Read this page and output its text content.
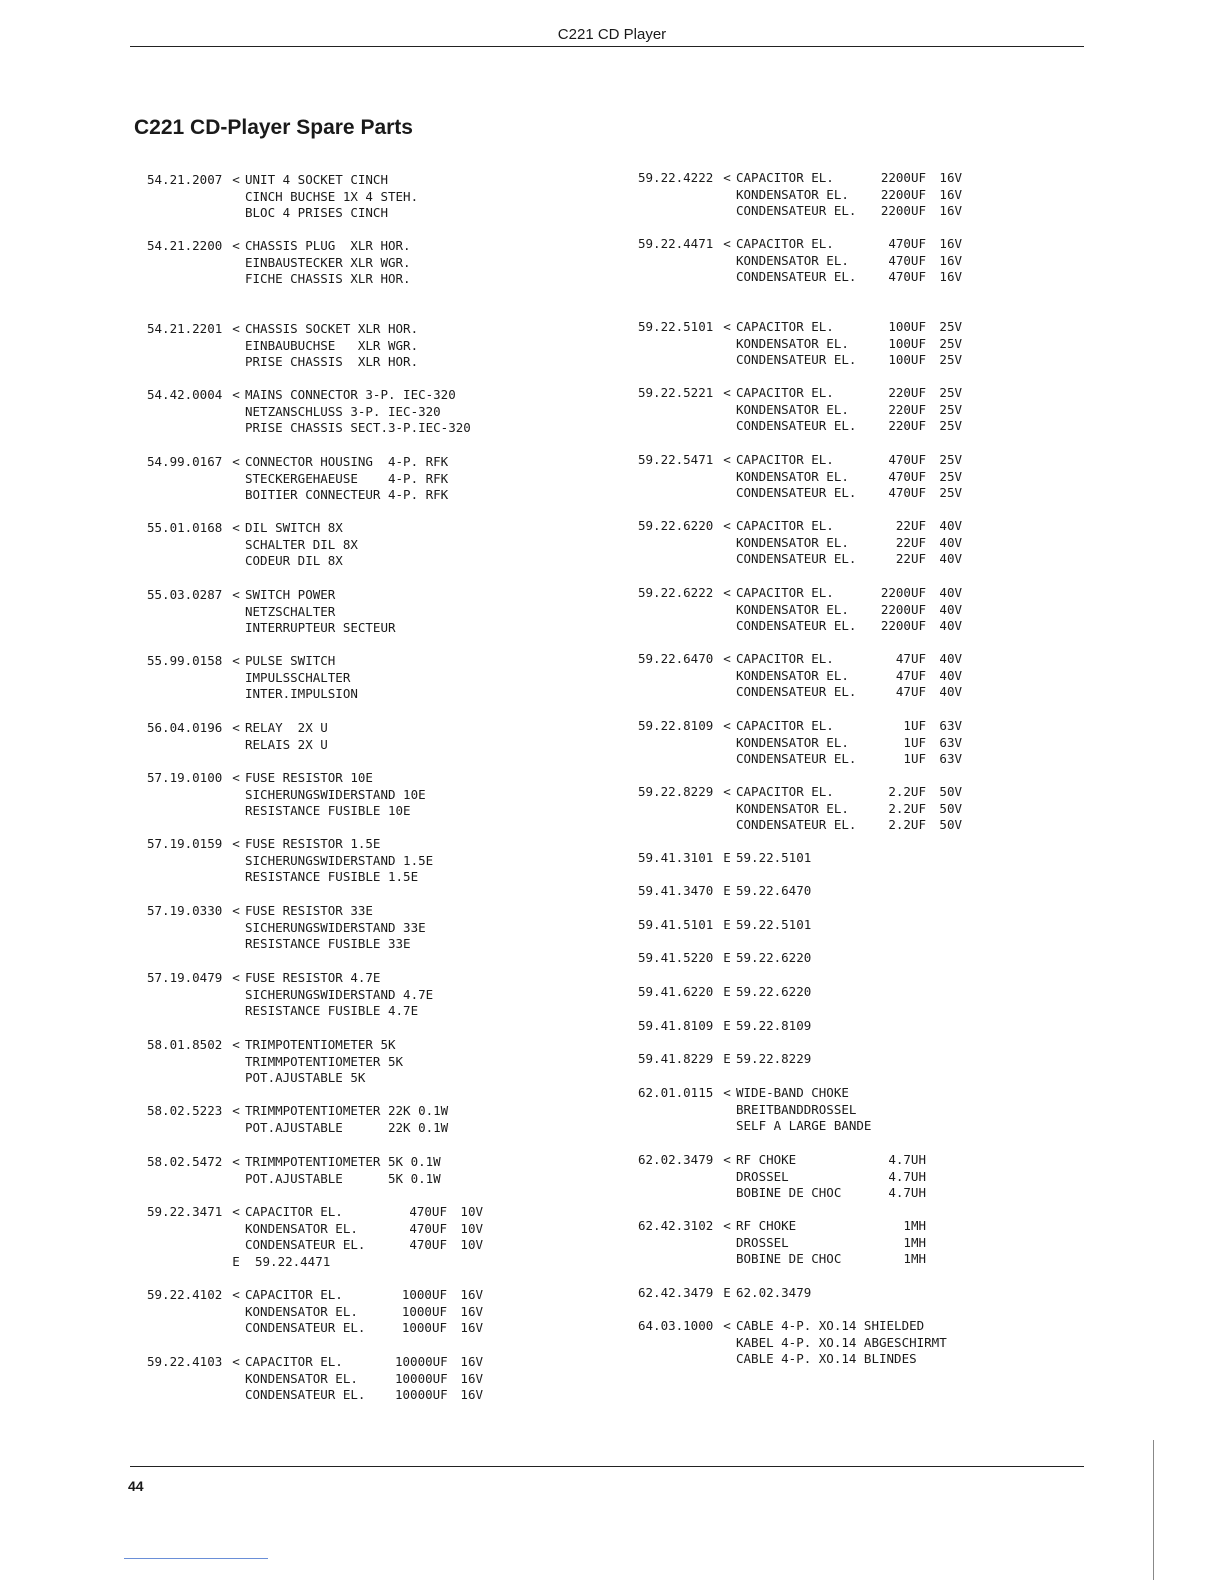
C221 CD Player
C221 CD-Player Spare Parts
54.21.2007 < UNIT 4 SOCKET CINCH
CINCH BUCHSE 1X 4 STEH.
BLOC 4 PRISES CINCH
54.21.2200 < CHASSIS PLUG  XLR HOR.
EINBAUSTECKER XLR WGR.
FICHE CHASSIS XLR HOR.
54.21.2201 < CHASSIS SOCKET XLR HOR.
EINBAUBUCHSE   XLR WGR.
PRISE CHASSIS  XLR HOR.
54.42.0004 < MAINS CONNECTOR 3-P. IEC-320
NETZANSCHLUSS 3-P. IEC-320
PRISE CHASSIS SECT.3-P.IEC-320
54.99.0167 < CONNECTOR HOUSING  4-P. RFK
STECKERGEHAEUSE    4-P. RFK
BOITIER CONNECTEUR 4-P. RFK
55.01.0168 < DIL SWITCH 8X
SCHALTER DIL 8X
CODEUR DIL 8X
55.03.0287 < SWITCH POWER
NETZSCHALTER
INTERRUPTEUR SECTEUR
55.99.0158 < PULSE SWITCH
IMPULSSCHALTER
INTER.IMPULSION
56.04.0196 < RELAY  2X U
RELAIS 2X U
57.19.0100 < FUSE RESISTOR 10E
SICHERUNGSWIDERSTAND 10E
RESISTANCE FUSIBLE 10E
57.19.0159 < FUSE RESISTOR 1.5E
SICHERUNGSWIDERSTAND 1.5E
RESISTANCE FUSIBLE 1.5E
57.19.0330 < FUSE RESISTOR 33E
SICHERUNGSWIDERSTAND 33E
RESISTANCE FUSIBLE 33E
57.19.0479 < FUSE RESISTOR 4.7E
SICHERUNGSWIDERSTAND 4.7E
RESISTANCE FUSIBLE 4.7E
58.01.8502 < TRIMPOTENTIOMETER 5K
TRIMMPOTENTIOMETER 5K
POT.AJUSTABLE 5K
58.02.5223 < TRIMMPOTENTIOMETER 22K 0.1W
POT.AJUSTABLE      22K 0.1W
58.02.5472 < TRIMMPOTENTIOMETER 5K 0.1W
POT.AJUSTABLE      5K 0.1W
59.22.3471 < CAPACITOR EL.	470UF 10V
KONDENSATOR EL.	470UF 10V
CONDENSATEUR EL.	470UF 10V
E 59.22.4471
59.22.4102 < CAPACITOR EL.	1000UF 16V
KONDENSATOR EL.	1000UF 16V
CONDENSATEUR EL.	1000UF 16V
59.22.4103 < CAPACITOR EL.	10000UF 16V
KONDENSATOR EL.	10000UF 16V
CONDENSATEUR EL. 10000UF 16V
59.22.4222 < CAPACITOR EL.	2200UF 16V
KONDENSATOR EL.	2200UF 16V
CONDENSATEUR EL. 2200UF 16V
59.22.4471 < CAPACITOR EL.	470UF 16V
KONDENSATOR EL.	470UF 16V
CONDENSATEUR EL.	470UF 16V
59.22.5101 < CAPACITOR EL.	100UF 25V
KONDENSATOR EL.	100UF 25V
CONDENSATEUR EL.	100UF 25V
59.22.5221 < CAPACITOR EL.	220UF 25V
KONDENSATOR EL.	220UF 25V
CONDENSATEUR EL.	220UF 25V
59.22.5471 < CAPACITOR EL.	470UF 25V
KONDENSATOR EL.	470UF 25V
CONDENSATEUR EL.	470UF 25V
59.22.6220 < CAPACITOR EL.	22UF 40V
KONDENSATOR EL.	22UF 40V
CONDENSATEUR EL.	22UF 40V
59.22.6222 < CAPACITOR EL.	2200UF 40V
KONDENSATOR EL.	2200UF 40V
CONDENSATEUR EL. 2200UF 40V
59.22.6470 < CAPACITOR EL.	47UF 40V
KONDENSATOR EL.	47UF 40V
CONDENSATEUR EL.	47UF 40V
59.22.8109 < CAPACITOR EL.	1UF 63V
KONDENSATOR EL.	1UF 63V
CONDENSATEUR EL.	1UF 63V
59.22.8229 < CAPACITOR EL.	2.2UF 50V
KONDENSATOR EL.	2.2UF 50V
CONDENSATEUR EL.	2.2UF 50V
59.41.3101 E 59.22.5101
59.41.3470 E 59.22.6470
59.41.5101 E 59.22.5101
59.41.5220 E 59.22.6220
59.41.6220 E 59.22.6220
59.41.8109 E 59.22.8109
59.41.8229 E 59.22.8229
62.01.0115 < WIDE-BAND CHOKE
BREITBANDDROSSEL
SELF A LARGE BANDE
62.02.3479 < RF CHOKE	4.7UH
DROSSEL	4.7UH
BOBINE DE CHOC	4.7UH
62.42.3102 < RF CHOKE	1MH
DROSSEL	1MH
BOBINE DE CHOC	1MH
62.42.3479 E 62.02.3479
64.03.1000 < CABLE 4-P. XO.14 SHIELDED
KABEL 4-P. XO.14 ABGESCHIRMT
CABLE 4-P. XO.14 BLINDES
44
